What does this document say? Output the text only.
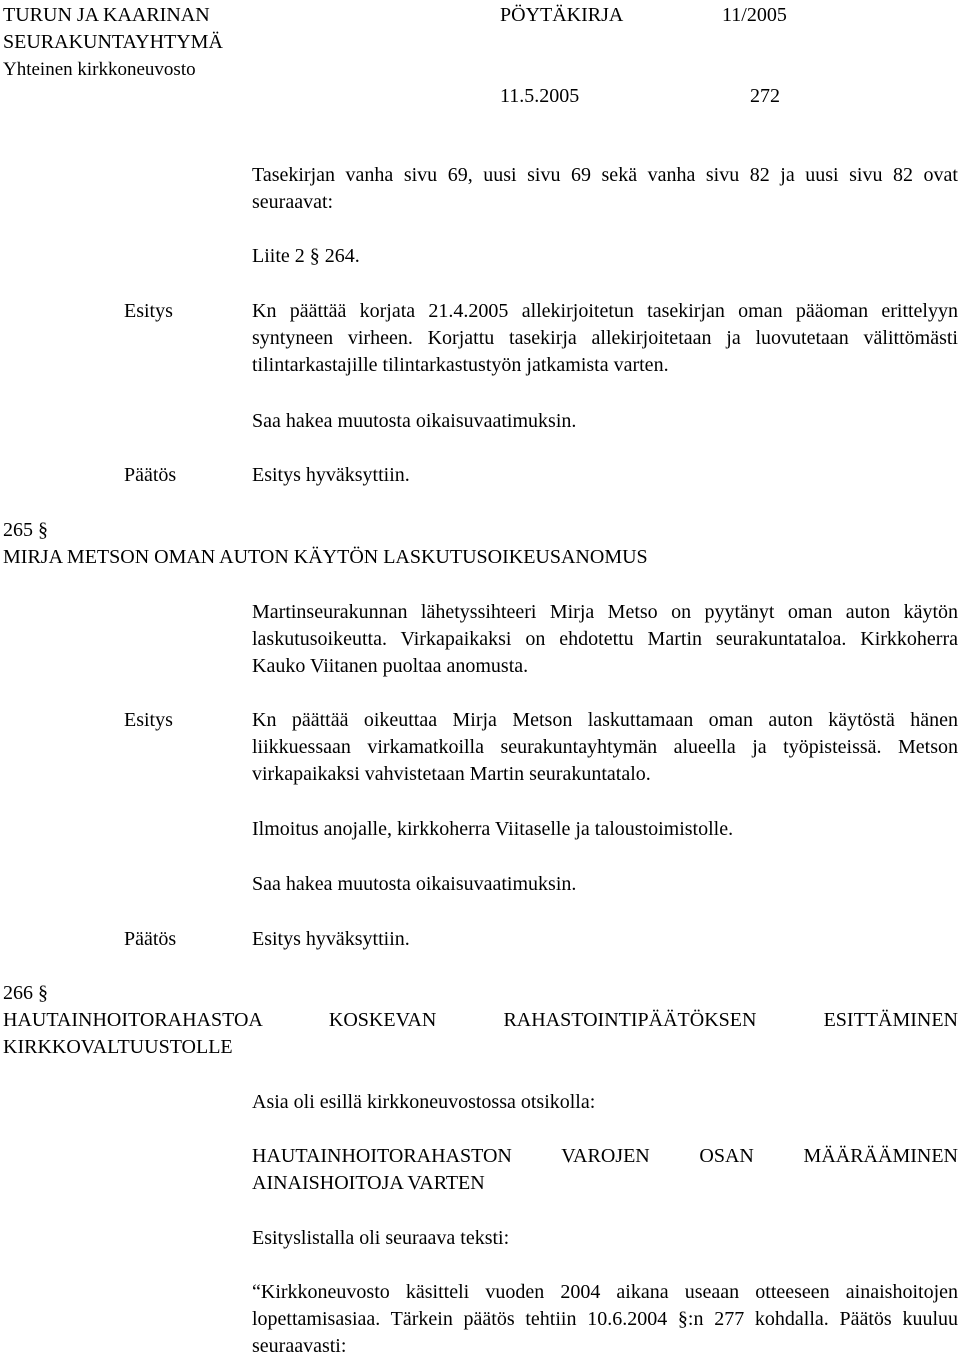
TURUN JA KAARINAN
SEURAKUNTAYHTYMÄ
Yhteinen kirkkoneuvosto
PÖYTÄKIRJA	11/2005
11.5.2005	272
Tasekirjan vanha sivu 69, uusi sivu 69 sekä vanha sivu 82 ja uusi sivu 82 ovat seuraavat:
Liite 2 § 264.
Esitys	Kn päättää korjata 21.4.2005 allekirjoitetun tasekirjan oman pääoman erittelyyn syntyneen virheen. Korjattu tasekirja allekirjoitetaan ja luovutetaan välittömästi tilintarkastajille tilintarkastustyön jatkamista varten.
Saa hakea muutosta oikaisuvaatimuksin.
Päätös	Esitys hyväksyttiin.
265 §
MIRJA METSON OMAN AUTON KÄYTÖN LASKUTUSOIKEUSANOMUS
Martinseurakunnan lähetyssihteeri Mirja Metso on pyytänyt oman auton käytön laskutusoikeutta. Virkapaikaksi on ehdotettu Martin seurakuntataloa. Kirkkoherra Kauko Viitanen puoltaa anomusta.
Esitys	Kn päättää oikeuttaa Mirja Metson laskuttamaan oman auton käytöstä hänen liikkuessaan virkamatkoilla seurakuntayhtymän alueella ja työpisteissä. Metson virkapaikaksi vahvistetaan Martin seurakuntatalo.
Ilmoitus anojalle, kirkkoherra Viitaselle ja taloustoimistolle.
Saa hakea muutosta oikaisuvaatimuksin.
Päätös	Esitys hyväksyttiin.
266 §
HAUTAINHOITORAHASTOA KOSKEVAN RAHASTOINTIPÄÄTÖKSEN ESITTÄMINEN
KIRKKOVALTUUSTOLLE
Asia oli esillä kirkkoneuvostossa otsikolla:
HAUTAINHOITORAHASTON VAROJEN OSAN MÄÄRÄÄMINEN
AINAISHOITOJA VARTEN
Esityslistalla oli seuraava teksti:
“Kirkkoneuvosto käsitteli vuoden 2004 aikana useaan otteeseen ainaishoitojen lopettamisasiaa. Tärkein päätös tehtiin 10.6.2004 §:n 277 kohdalla. Päätös kuuluu seuraavasti:
